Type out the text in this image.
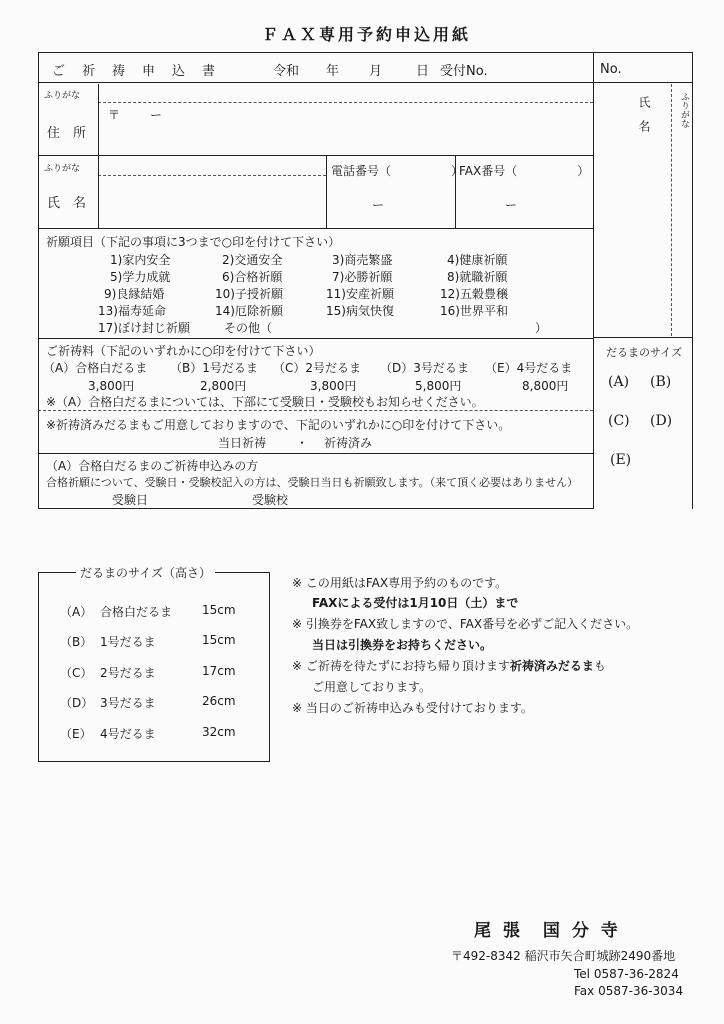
ＦＡＸ専用予約申込用紙
ご　祈　祷　申　込　書	令和 年 月	日 受付No.
ふりがな
住　所
〒 ー
ふりがな
氏　名
電話番号（　　　　　）
FAX番号（　　　　　）
ー	ー
祈願項目（下記の事項に3つまで○印を付けて下さい）
1)家内安全	2)交通安全	3)商売繁盛	4)健康祈願
5)学力成就	6)合格祈願	7)必勝祈願	8)就職祈願
9)良縁結婚	10)子授祈願	11)安産祈願	12)五穀豊穣
13)福寿延命	14)厄除祈願	15)病気快復	16)世界平和
17)ぼけ封じ祈願	その他（	）
ご祈祷料（下記のいずれかに○印を付けて下さい）
（A）合格白だるま （B）1号だるま （C）2号だるま （D）3号だるま （E）4号だるま
3,800円	2,800円	3,800円	5,800円	8,800円
※（A）合格白だるまについては、下部にて受験日・受験校もお知らせください。
※祈祷済みだるまもご用意しておりますので、下記のいずれかに○印を付けて下さい。
当日祈祷 ・ 祈祷済み
（A）合格白だるまのご祈祷申込みの方
合格祈願について、受験日・受験校記入の方は、受験日当日も祈願致します。（来て頂く必要はありません）
受験日	受験校
No.
氏　名	ふりがな
だるまのサイズ
(A) (B)
(C) (D)
(E)
だるまのサイズ（高さ）
（A） 合格白だるま 15cm
（B） 1号だるま	15cm
（C） 2号だるま	17cm
（D） 3号だるま	26cm
（E） 4号だるま	32cm
※ この用紙はFAX専用予約のものです。
FAXによる受付は1月10日（土）まで
※ 引換券をFAX致しますので、FAX番号を必ずご記入ください。
当日は引換券をお持ちください。
※ ご祈祷を待たずにお持ち帰り頂けます祈祷済みだるまも
ご用意しております。
※ 当日のご祈祷申込みも受付けております。
尾 張　国 分 寺
〒492-8342 稲沢市矢合町城跡2490番地
Tel 0587-36-2824
Fax 0587-36-3034
